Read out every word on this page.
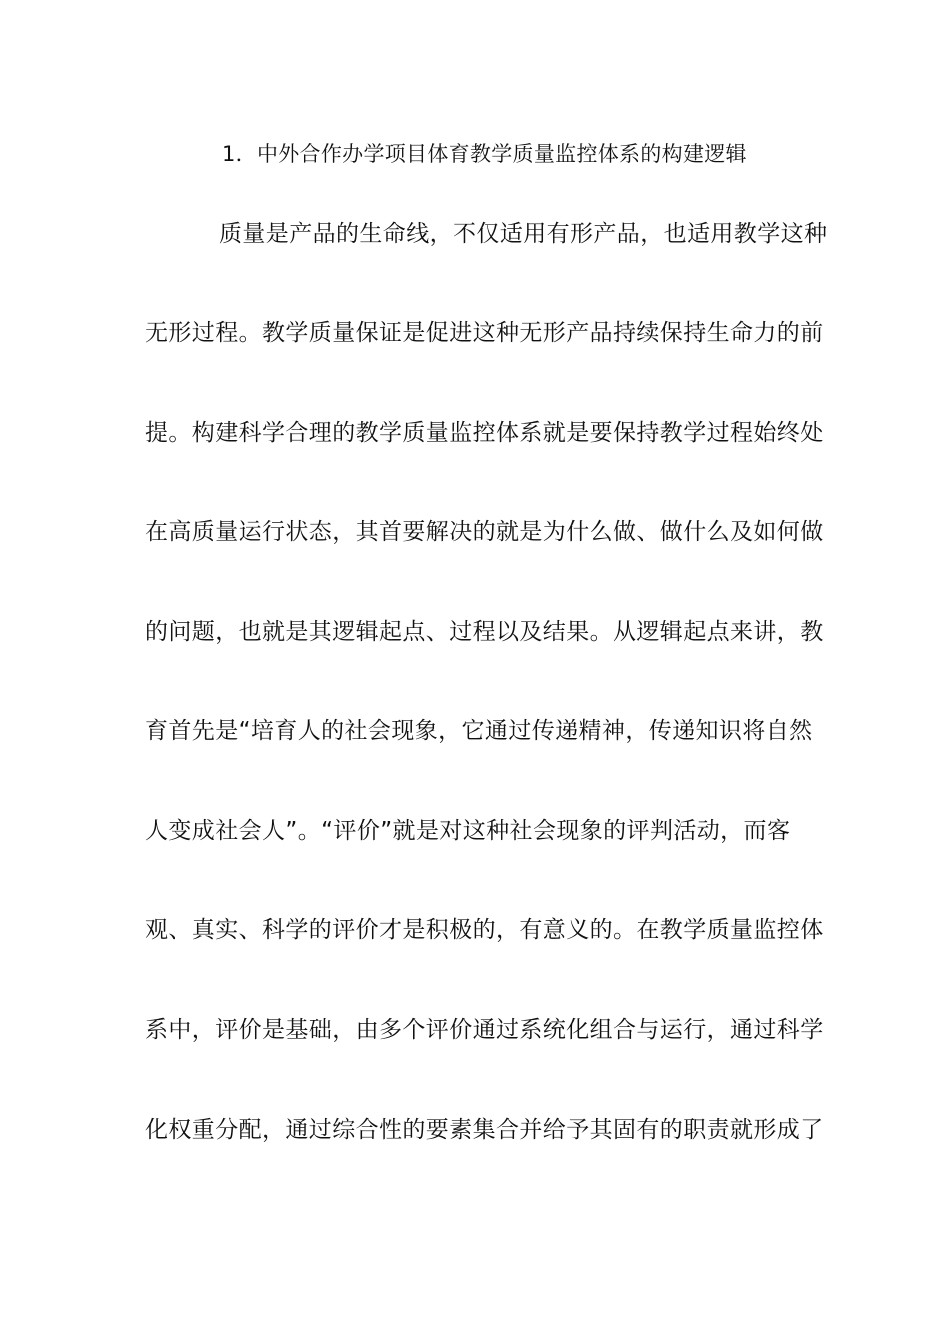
1．中外合作办学项目体育教学质量监控体系的构建逻辑
质量是产品的生命线，不仅适用有形产品，也适用教学这种
无形过程。教学质量保证是促进这种无形产品持续保持生命力的前
提。构建科学合理的教学质量监控体系就是要保持教学过程始终处
在高质量运行状态，其首要解决的就是为什么做、做什么及如何做
的问题，也就是其逻辑起点、过程以及结果。从逻辑起点来讲，教
育首先是“培育人的社会现象，它通过传递精神，传递知识将自然
人变成社会人”。“评价”就是对这种社会现象的评判活动，而客
观、真实、科学的评价才是积极的，有意义的。在教学质量监控体
系中，评价是基础，由多个评价通过系统化组合与运行，通过科学
化权重分配，通过综合性的要素集合并给予其固有的职责就形成了
